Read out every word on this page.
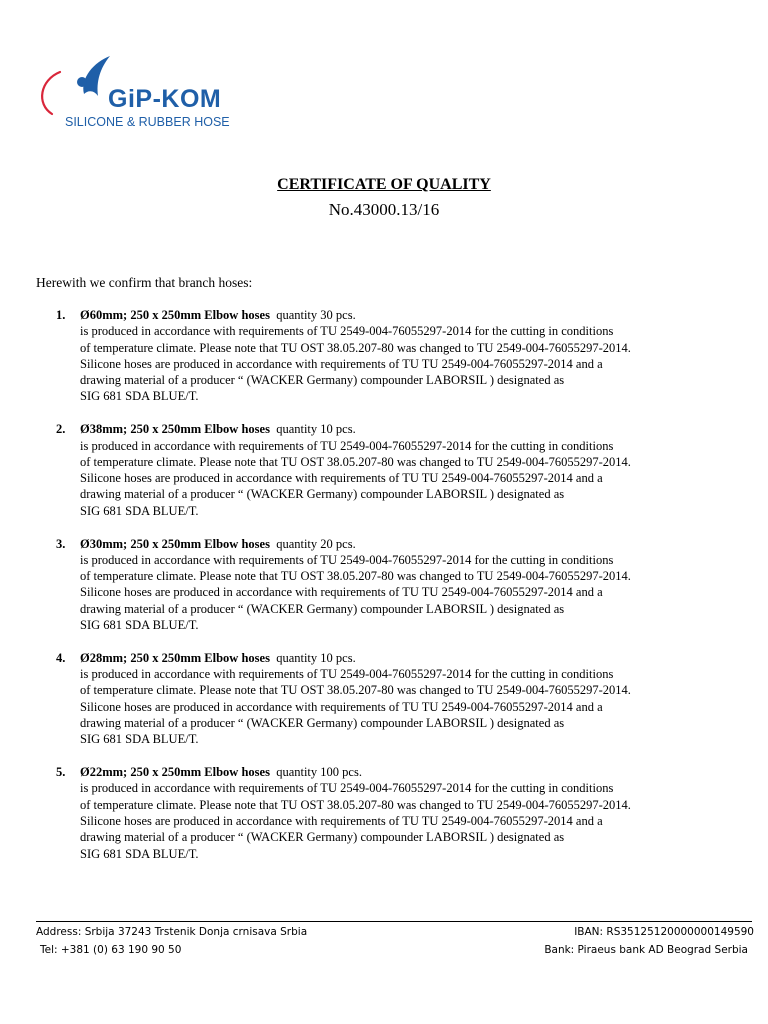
GiP-KOM
SILICONE & RUBBER HOSE
CERTIFICATE OF QUALITY
No.43000.13/16
Herewith we confirm that branch hoses:
1. Ø60mm; 250 x 250mm Elbow hoses quantity 30 pcs.
is produced in accordance with requirements of TU 2549-004-76055297-2014 for the cutting in conditions
of temperature climate. Please note that TU OST 38.05.207-80 was changed to TU 2549-004-76055297-2014.
Silicone hoses are produced in accordance with requirements of TU TU 2549-004-76055297-2014 and a
drawing material of a producer “ (WACKER Germany) compounder LABORSIL ) designated as
SIG 681 SDA BLUE/T.
2. Ø38mm; 250 x 250mm Elbow hoses quantity 10 pcs.
is produced in accordance with requirements of TU 2549-004-76055297-2014 for the cutting in conditions
of temperature climate. Please note that TU OST 38.05.207-80 was changed to TU 2549-004-76055297-2014.
Silicone hoses are produced in accordance with requirements of TU TU 2549-004-76055297-2014 and a
drawing material of a producer “ (WACKER Germany) compounder LABORSIL ) designated as
SIG 681 SDA BLUE/T.
3. Ø30mm; 250 x 250mm Elbow hoses quantity 20 pcs.
is produced in accordance with requirements of TU 2549-004-76055297-2014 for the cutting in conditions
of temperature climate. Please note that TU OST 38.05.207-80 was changed to TU 2549-004-76055297-2014.
Silicone hoses are produced in accordance with requirements of TU TU 2549-004-76055297-2014 and a
drawing material of a producer “ (WACKER Germany) compounder LABORSIL ) designated as
SIG 681 SDA BLUE/T.
4. Ø28mm; 250 x 250mm Elbow hoses quantity 10 pcs.
is produced in accordance with requirements of TU 2549-004-76055297-2014 for the cutting in conditions
of temperature climate. Please note that TU OST 38.05.207-80 was changed to TU 2549-004-76055297-2014.
Silicone hoses are produced in accordance with requirements of TU TU 2549-004-76055297-2014 and a
drawing material of a producer “ (WACKER Germany) compounder LABORSIL ) designated as
SIG 681 SDA BLUE/T.
5. Ø22mm; 250 x 250mm Elbow hoses quantity 100 pcs.
is produced in accordance with requirements of TU 2549-004-76055297-2014 for the cutting in conditions
of temperature climate. Please note that TU OST 38.05.207-80 was changed to TU 2549-004-76055297-2014.
Silicone hoses are produced in accordance with requirements of TU TU 2549-004-76055297-2014 and a
drawing material of a producer “ (WACKER Germany) compounder LABORSIL ) designated as
SIG 681 SDA BLUE/T.
Address: Srbija 37243 Trstenik Donja crnisava Srbia
Tel: +381 (0) 63 190 90 50
IBAN: RS35125120000000149590
Bank: Piraeus bank AD Beograd Serbia
